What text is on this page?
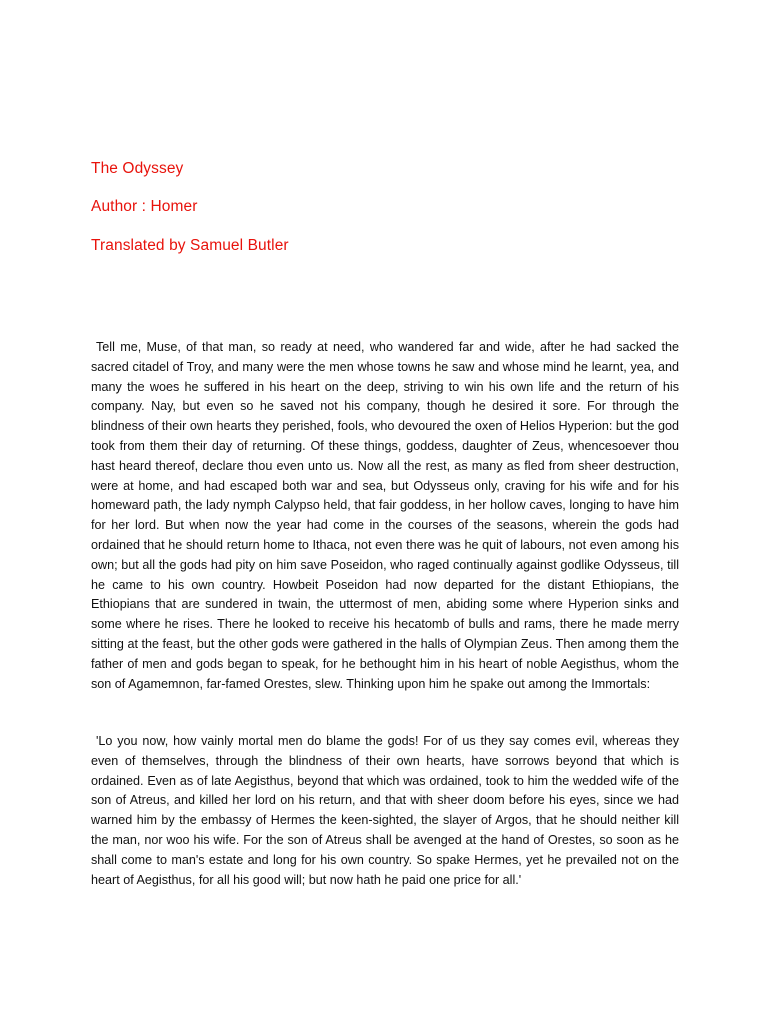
The Odyssey
Author : Homer
Translated by Samuel Butler

Tell me, Muse, of that man, so ready at need, who wandered far and wide, after he had sacked the sacred citadel of Troy, and many were the men whose towns he saw and whose mind he learnt, yea, and many the woes he suffered in his heart on the deep, striving to win his own life and the return of his company. Nay, but even so he saved not his company, though he desired it sore. For through the blindness of their own hearts they perished, fools, who devoured the oxen of Helios Hyperion: but the god took from them their day of returning. Of these things, goddess, daughter of Zeus, whencesoever thou hast heard thereof, declare thou even unto us. Now all the rest, as many as fled from sheer destruction, were at home, and had escaped both war and sea, but Odysseus only, craving for his wife and for his homeward path, the lady nymph Calypso held, that fair goddess, in her hollow caves, longing to have him for her lord. But when now the year had come in the courses of the seasons, wherein the gods had ordained that he should return home to Ithaca, not even there was he quit of labours, not even among his own; but all the gods had pity on him save Poseidon, who raged continually against godlike Odysseus, till he came to his own country. Howbeit Poseidon had now departed for the distant Ethiopians, the Ethiopians that are sundered in twain, the uttermost of men, abiding some where Hyperion sinks and some where he rises. There he looked to receive his hecatomb of bulls and rams, there he made merry sitting at the feast, but the other gods were gathered in the halls of Olympian Zeus. Then among them the father of men and gods began to speak, for he bethought him in his heart of noble Aegisthus, whom the son of Agamemnon, far-famed Orestes, slew. Thinking upon him he spake out among the Immortals:

'Lo you now, how vainly mortal men do blame the gods! For of us they say comes evil, whereas they even of themselves, through the blindness of their own hearts, have sorrows beyond that which is ordained. Even as of late Aegisthus, beyond that which was ordained, took to him the wedded wife of the son of Atreus, and killed her lord on his return, and that with sheer doom before his eyes, since we had warned him by the embassy of Hermes the keen-sighted, the slayer of Argos, that he should neither kill the man, nor woo his wife. For the son of Atreus shall be avenged at the hand of Orestes, so soon as he shall come to man's estate and long for his own country. So spake Hermes, yet he prevailed not on the heart of Aegisthus, for all his good will; but now hath he paid one price for all.'
